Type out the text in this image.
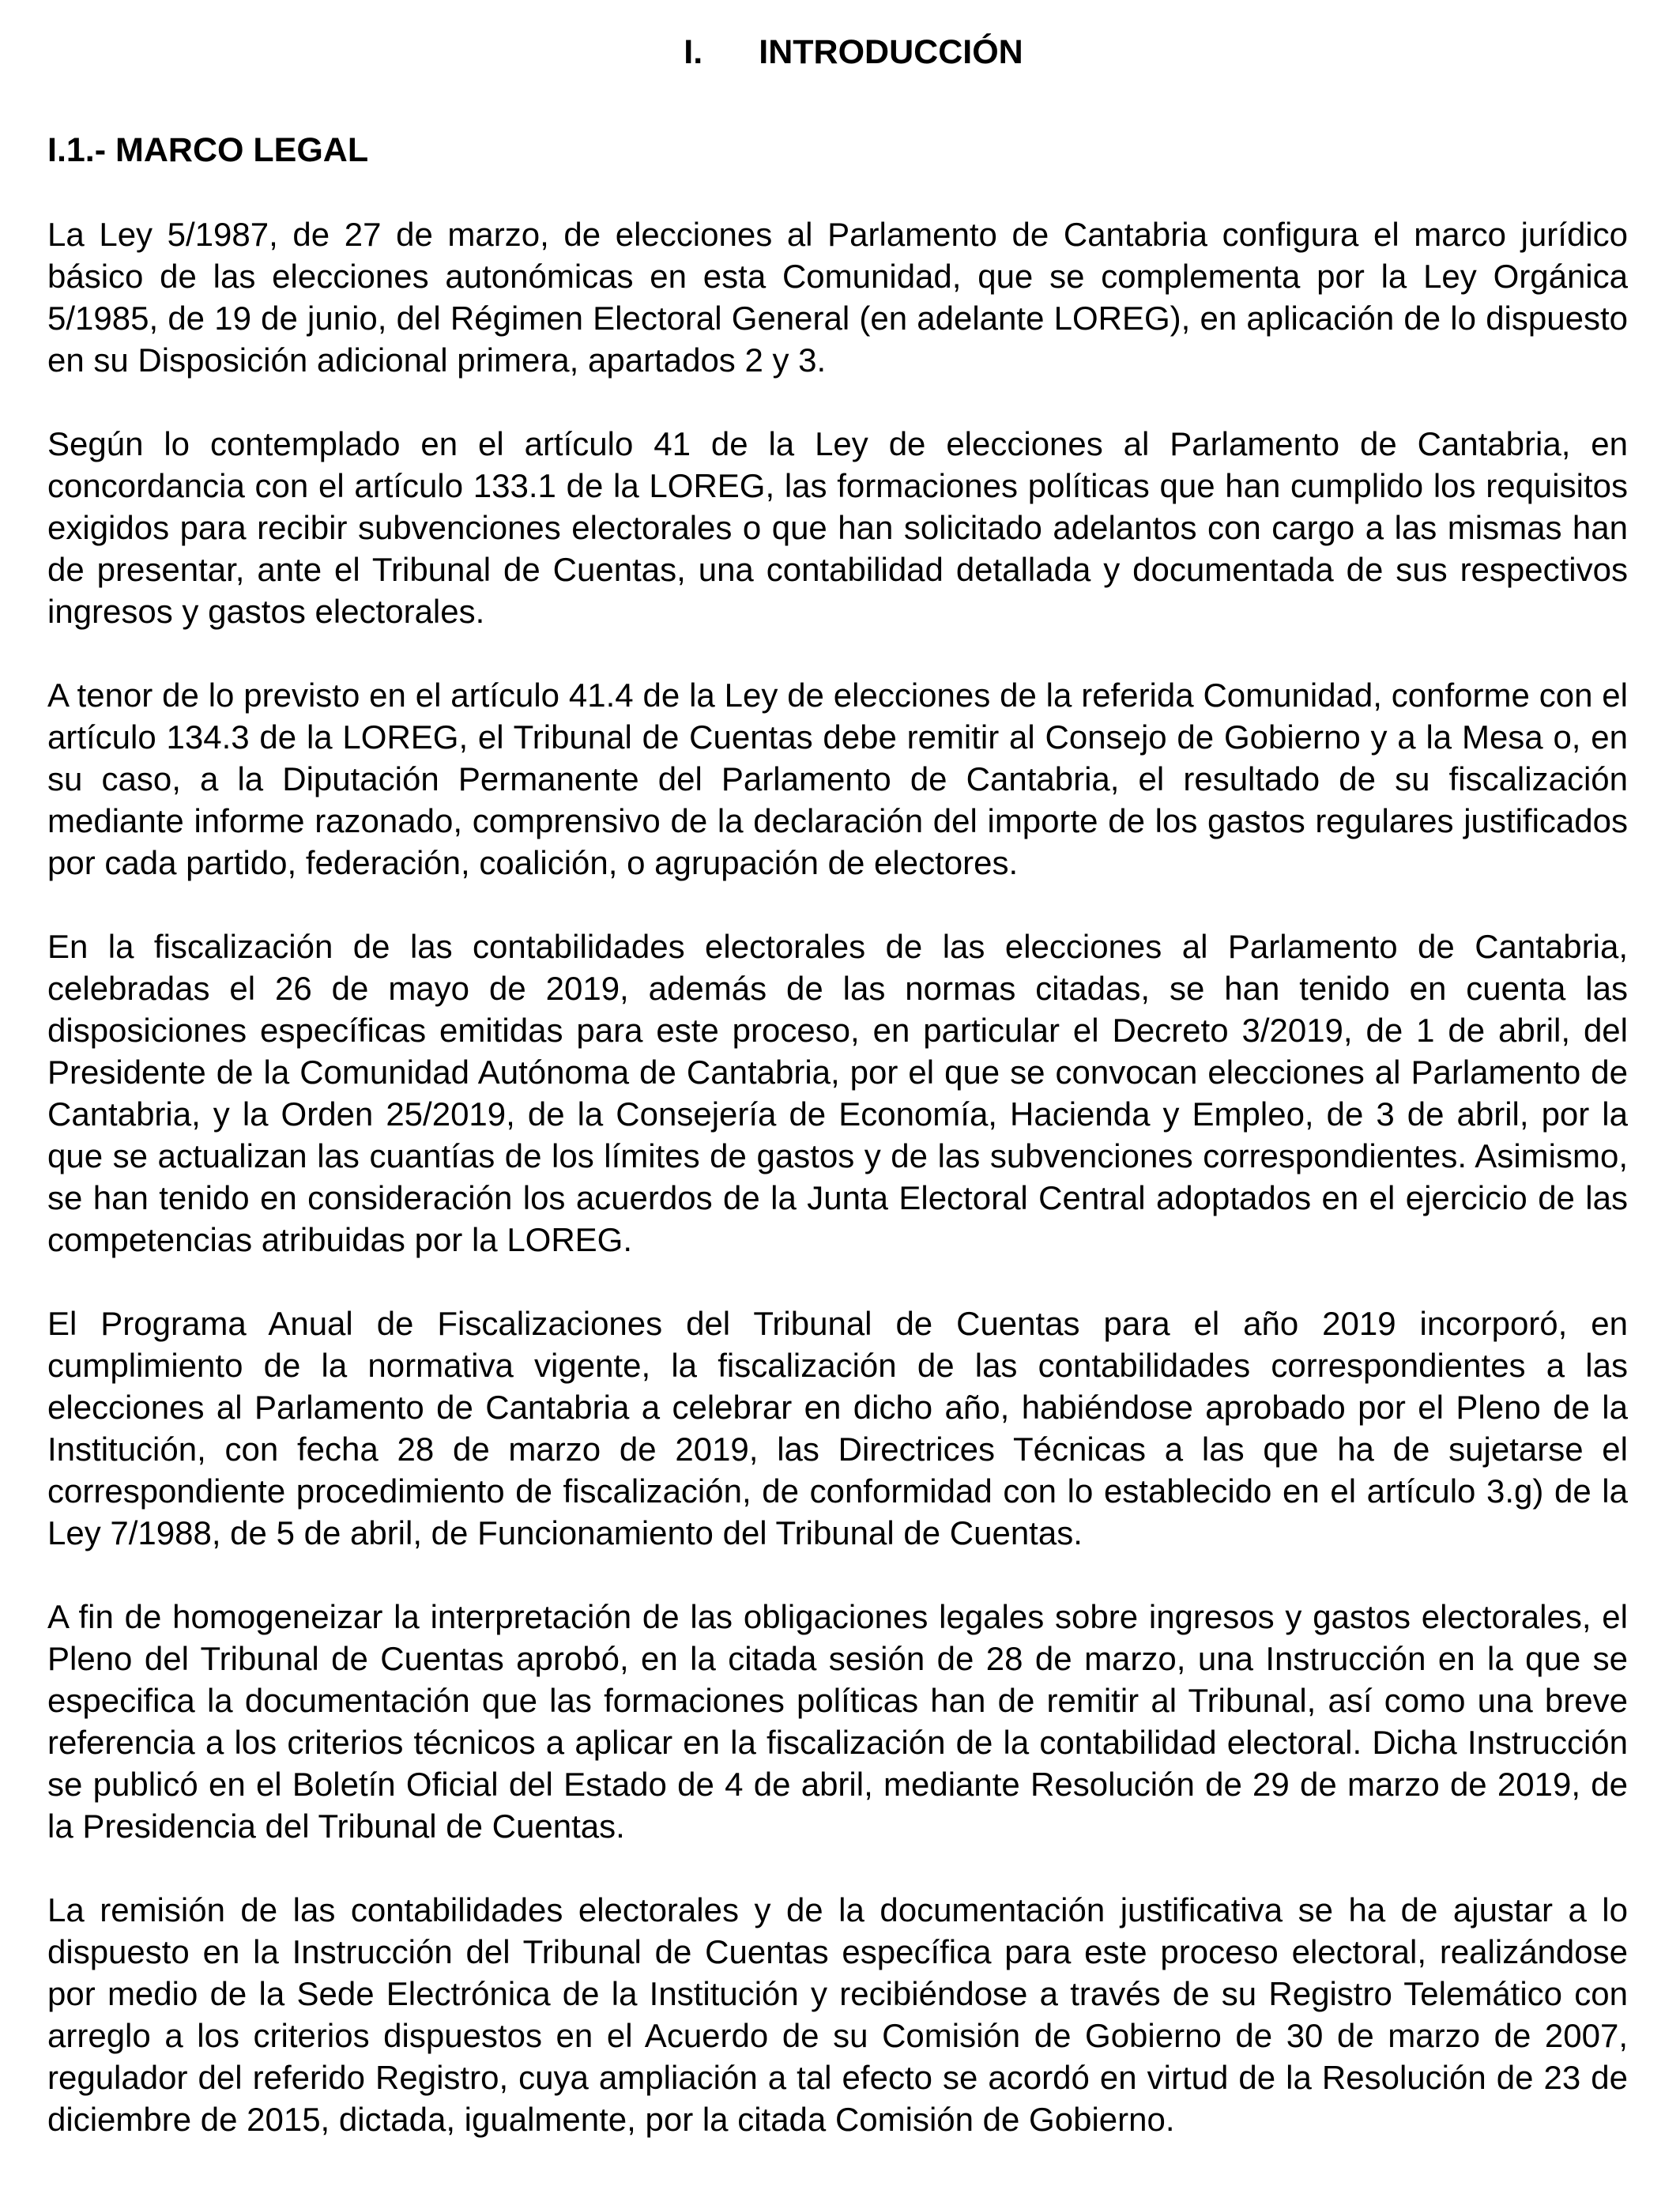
I. INTRODUCCIÓN
I.1.- MARCO LEGAL

La Ley 5/1987, de 27 de marzo, de elecciones al Parlamento de Cantabria configura el marco jurídico básico de las elecciones autonómicas en esta Comunidad, que se complementa por la Ley Orgánica 5/1985, de 19 de junio, del Régimen Electoral General (en adelante LOREG), en aplicación de lo dispuesto en su Disposición adicional primera, apartados 2 y 3.

Según lo contemplado en el artículo 41 de la Ley de elecciones al Parlamento de Cantabria, en concordancia con el artículo 133.1 de la LOREG, las formaciones políticas que han cumplido los requisitos exigidos para recibir subvenciones electorales o que han solicitado adelantos con cargo a las mismas han de presentar, ante el Tribunal de Cuentas, una contabilidad detallada y documentada de sus respectivos ingresos y gastos electorales.

A tenor de lo previsto en el artículo 41.4 de la Ley de elecciones de la referida Comunidad, conforme con el artículo 134.3 de la LOREG, el Tribunal de Cuentas debe remitir al Consejo de Gobierno y a la Mesa o, en su caso, a la Diputación Permanente del Parlamento de Cantabria, el resultado de su fiscalización mediante informe razonado, comprensivo de la declaración del importe de los gastos regulares justificados por cada partido, federación, coalición, o agrupación de electores.

En la fiscalización de las contabilidades electorales de las elecciones al Parlamento de Cantabria, celebradas el 26 de mayo de 2019, además de las normas citadas, se han tenido en cuenta las disposiciones específicas emitidas para este proceso, en particular el Decreto 3/2019, de 1 de abril, del Presidente de la Comunidad Autónoma de Cantabria, por el que se convocan elecciones al Parlamento de Cantabria, y la Orden 25/2019, de la Consejería de Economía, Hacienda y Empleo, de 3 de abril, por la que se actualizan las cuantías de los límites de gastos y de las subvenciones correspondientes. Asimismo, se han tenido en consideración los acuerdos de la Junta Electoral Central adoptados en el ejercicio de las competencias atribuidas por la LOREG.

El Programa Anual de Fiscalizaciones del Tribunal de Cuentas para el año 2019 incorporó, en cumplimiento de la normativa vigente, la fiscalización de las contabilidades correspondientes a las elecciones al Parlamento de Cantabria a celebrar en dicho año, habiéndose aprobado por el Pleno de la Institución, con fecha 28 de marzo de 2019, las Directrices Técnicas a las que ha de sujetarse el correspondiente procedimiento de fiscalización, de conformidad con lo establecido en el artículo 3.g) de la Ley 7/1988, de 5 de abril, de Funcionamiento del Tribunal de Cuentas.

A fin de homogeneizar la interpretación de las obligaciones legales sobre ingresos y gastos electorales, el Pleno del Tribunal de Cuentas aprobó, en la citada sesión de 28 de marzo, una Instrucción en la que se especifica la documentación que las formaciones políticas han de remitir al Tribunal, así como una breve referencia a los criterios técnicos a aplicar en la fiscalización de la contabilidad electoral. Dicha Instrucción se publicó en el Boletín Oficial del Estado de 4 de abril, mediante Resolución de 29 de marzo de 2019, de la Presidencia del Tribunal de Cuentas.

La remisión de las contabilidades electorales y de la documentación justificativa se ha de ajustar a lo dispuesto en la Instrucción del Tribunal de Cuentas específica para este proceso electoral, realizándose por medio de la Sede Electrónica de la Institución y recibiéndose a través de su Registro Telemático con arreglo a los criterios dispuestos en el Acuerdo de su Comisión de Gobierno de 30 de marzo de 2007, regulador del referido Registro, cuya ampliación a tal efecto se acordó en virtud de la Resolución de 23 de diciembre de 2015, dictada, igualmente, por la citada Comisión de Gobierno.
